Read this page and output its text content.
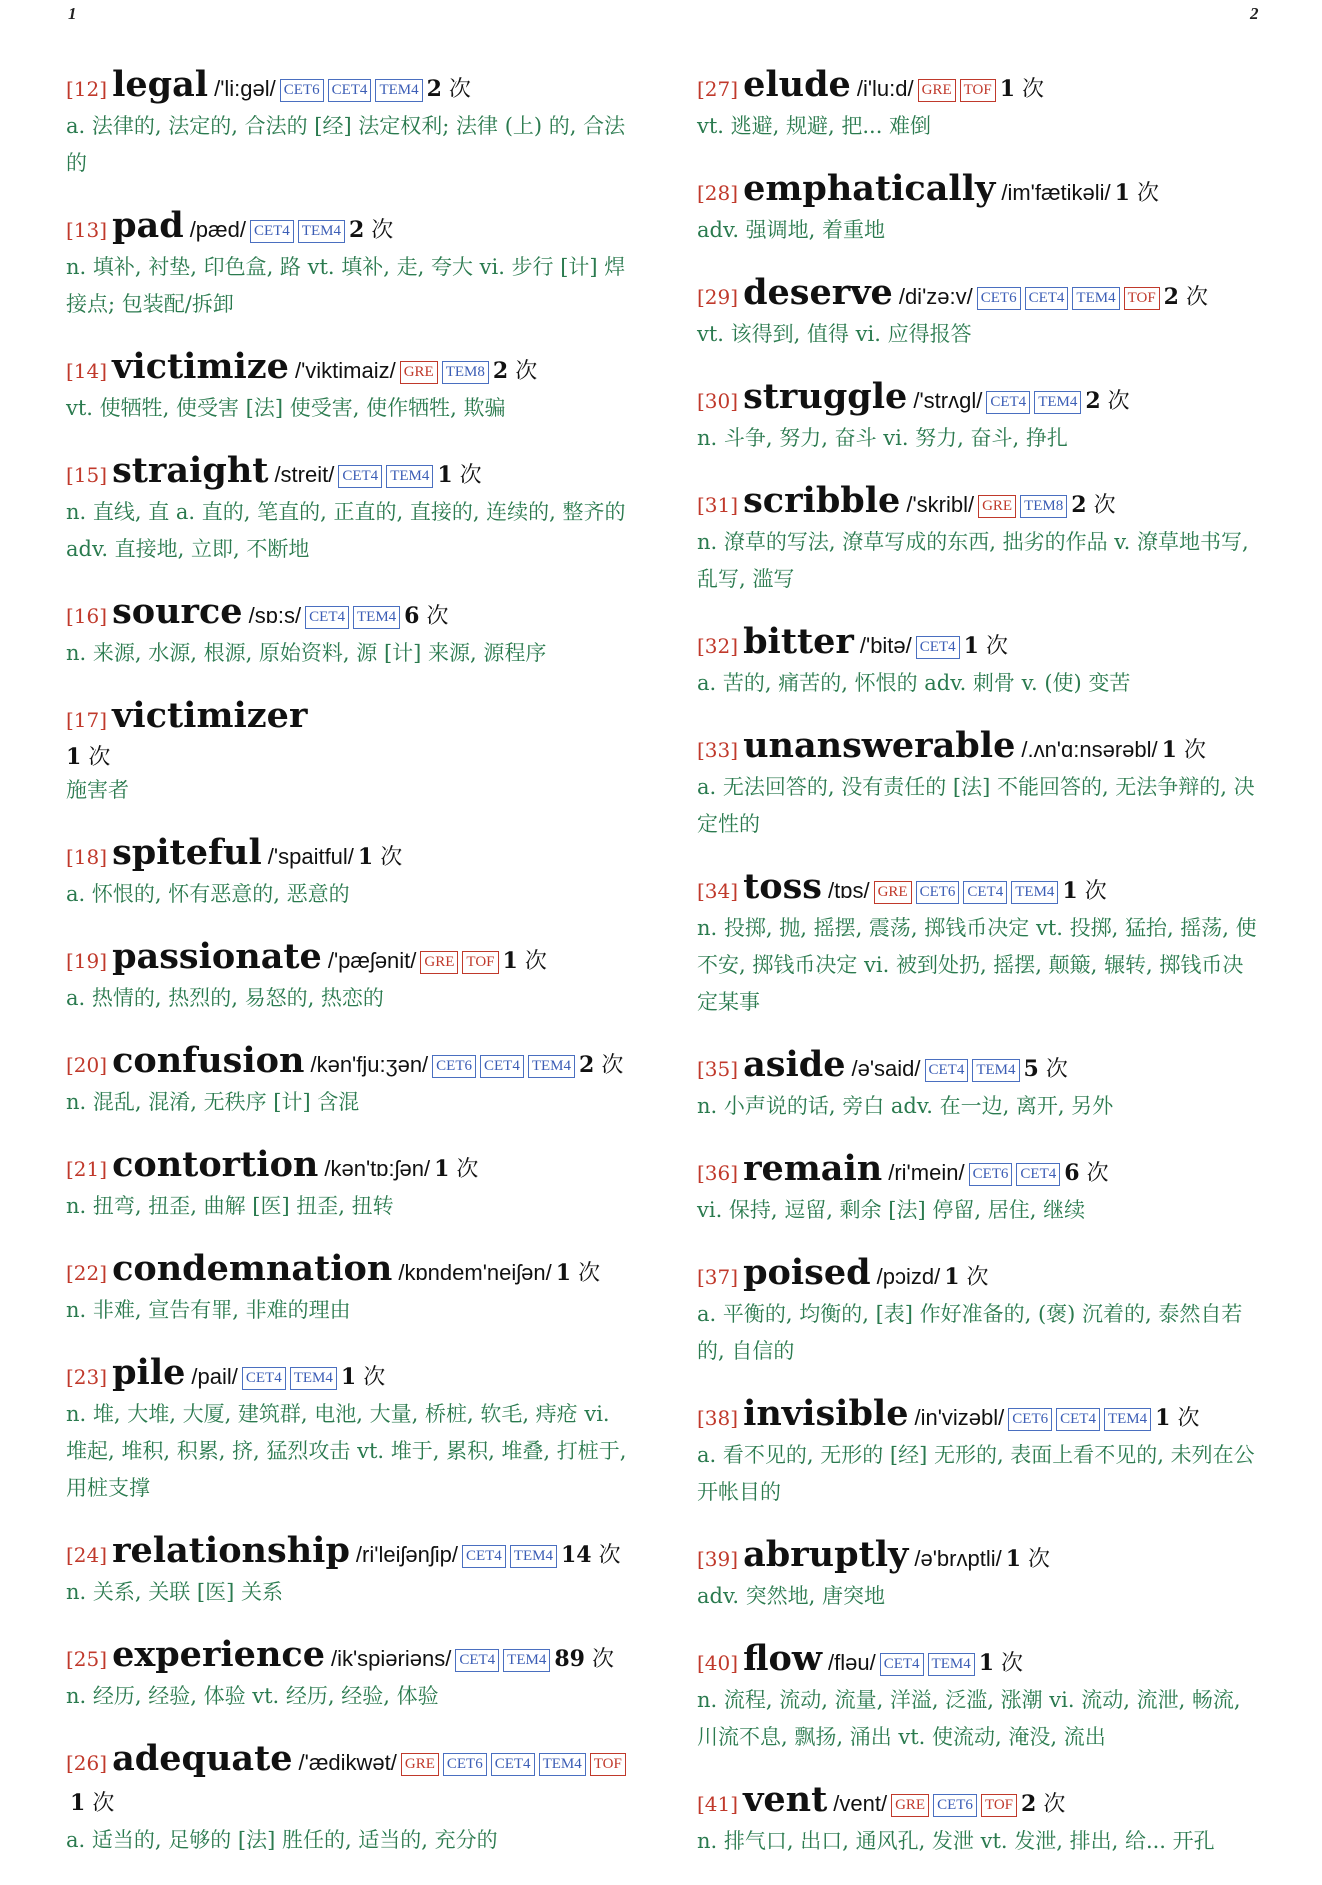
1	2
[12] legal /'li:gəl/ CET6 CET4 TEM4 2 次
a. 法律的, 法定的, 合法的 [经] 法定权利; 法律 (上) 的, 合法的
[13] pad /pæd/ CET4 TEM4 2 次
n. 填补, 衬垫, 印色盒, 路 vt. 填补, 走, 夸大 vi. 步行 [计] 焊接点; 包装配/拆卸
[14] victimize /'viktimaiz/ GRE TEM8 2 次
vt. 使牺牲, 使受害 [法] 使受害, 使作牺牲, 欺骗
[15] straight /streit/ CET4 TEM4 1 次
n. 直线, 直 a. 直的, 笔直的, 正直的, 直接的, 连续的, 整齐的 adv. 直接地, 立即, 不断地
[16] source /sɒ:s/ CET4 TEM4 6 次
n. 来源, 水源, 根源, 原始资料, 源 [计] 来源, 源程序
[17] victimizer
1 次
施害者
[18] spiteful /'spaitful/ 1 次
a. 怀恨的, 怀有恶意的, 恶意的
[19] passionate /'pæʃənit/ GRE TOF 1 次
a. 热情的, 热烈的, 易怒的, 热恋的
[20] confusion /kən'fju:ʒən/ CET6 CET4 TEM4 2 次
n. 混乱, 混淆, 无秩序 [计] 含混
[21] contortion /kən'tɒ:ʃən/ 1 次
n. 扭弯, 扭歪, 曲解 [医] 扭歪, 扭转
[22] condemnation /kɒndem'neiʃən/ 1 次
n. 非难, 宣告有罪, 非难的理由
[23] pile /pail/ CET4 TEM4 1 次
n. 堆, 大堆, 大厦, 建筑群, 电池, 大量, 桥桩, 软毛, 痔疮 vi. 堆起, 堆积, 积累, 挤, 猛烈攻击 vt. 堆于, 累积, 堆叠, 打桩于, 用桩支撑
[24] relationship /ri'leiʃənʃip/ CET4 TEM4 14 次
n. 关系, 关联 [医] 关系
[25] experience /ik'spiəriəns/ CET4 TEM4 89 次
n. 经历, 经验, 体验 vt. 经历, 经验, 体验
[26] adequate /'ædikwət/ GRE CET6 CET4 TEM4 TOF1 次
a. 适当的, 足够的 [法] 胜任的, 适当的, 充分的
[27] elude /i'lu:d/ GRE TOF 1 次
vt. 逃避, 规避, 把... 难倒
[28] emphatically /im'fætikəli/ 1 次
adv. 强调地, 着重地
[29] deserve /di'zə:v/ CET6 CET4 TEM4 TOF 2 次
vt. 该得到, 值得 vi. 应得报答
[30] struggle /'strʌgl/ CET4 TEM4 2 次
n. 斗争, 努力, 奋斗 vi. 努力, 奋斗, 挣扎
[31] scribble /'skribl/ GRE TEM8 2 次
n. 潦草的写法, 潦草写成的东西, 拙劣的作品 v. 潦草地书写, 乱写, 滥写
[32] bitter /'bitə/ CET4 1 次
a. 苦的, 痛苦的, 怀恨的 adv. 刺骨 v. (使) 变苦
[33] unanswerable /.ʌn'ɑ:nsərəbl/ 1 次
a. 无法回答的, 没有责任的 [法] 不能回答的, 无法争辩的, 决定性的
[34] toss /tɒs/ GRE CET6 CET4 TEM4 1 次
n. 投掷, 抛, 摇摆, 震荡, 掷钱币决定 vt. 投掷, 猛抬, 摇荡, 使不安, 掷钱币决定 vi. 被到处扔, 摇摆, 颠簸, 辗转, 掷钱币决定某事
[35] aside /ə'said/ CET4 TEM4 5 次
n. 小声说的话, 旁白 adv. 在一边, 离开, 另外
[36] remain /ri'mein/ CET6 CET4 6 次
vi. 保持, 逗留, 剩余 [法] 停留, 居住, 继续
[37] poised /pɔizd/ 1 次
a. 平衡的, 均衡的, [表] 作好准备的, (褒) 沉着的, 泰然自若的, 自信的
[38] invisible /in'vizəbl/ CET6 CET4 TEM4 1 次
a. 看不见的, 无形的 [经] 无形的, 表面上看不见的, 未列在公开帐目的
[39] abruptly /ə'brʌptli/ 1 次
adv. 突然地, 唐突地
[40] flow /fləu/ CET4 TEM4 1 次
n. 流程, 流动, 流量, 洋溢, 泛滥, 涨潮 vi. 流动, 流泄, 畅流, 川流不息, 飘扬, 涌出 vt. 使流动, 淹没, 流出
[41] vent /vent/ GRE CET6 TOF 2 次
n. 排气口, 出口, 通风孔, 发泄 vt. 发泄, 排出, 给... 开孔
